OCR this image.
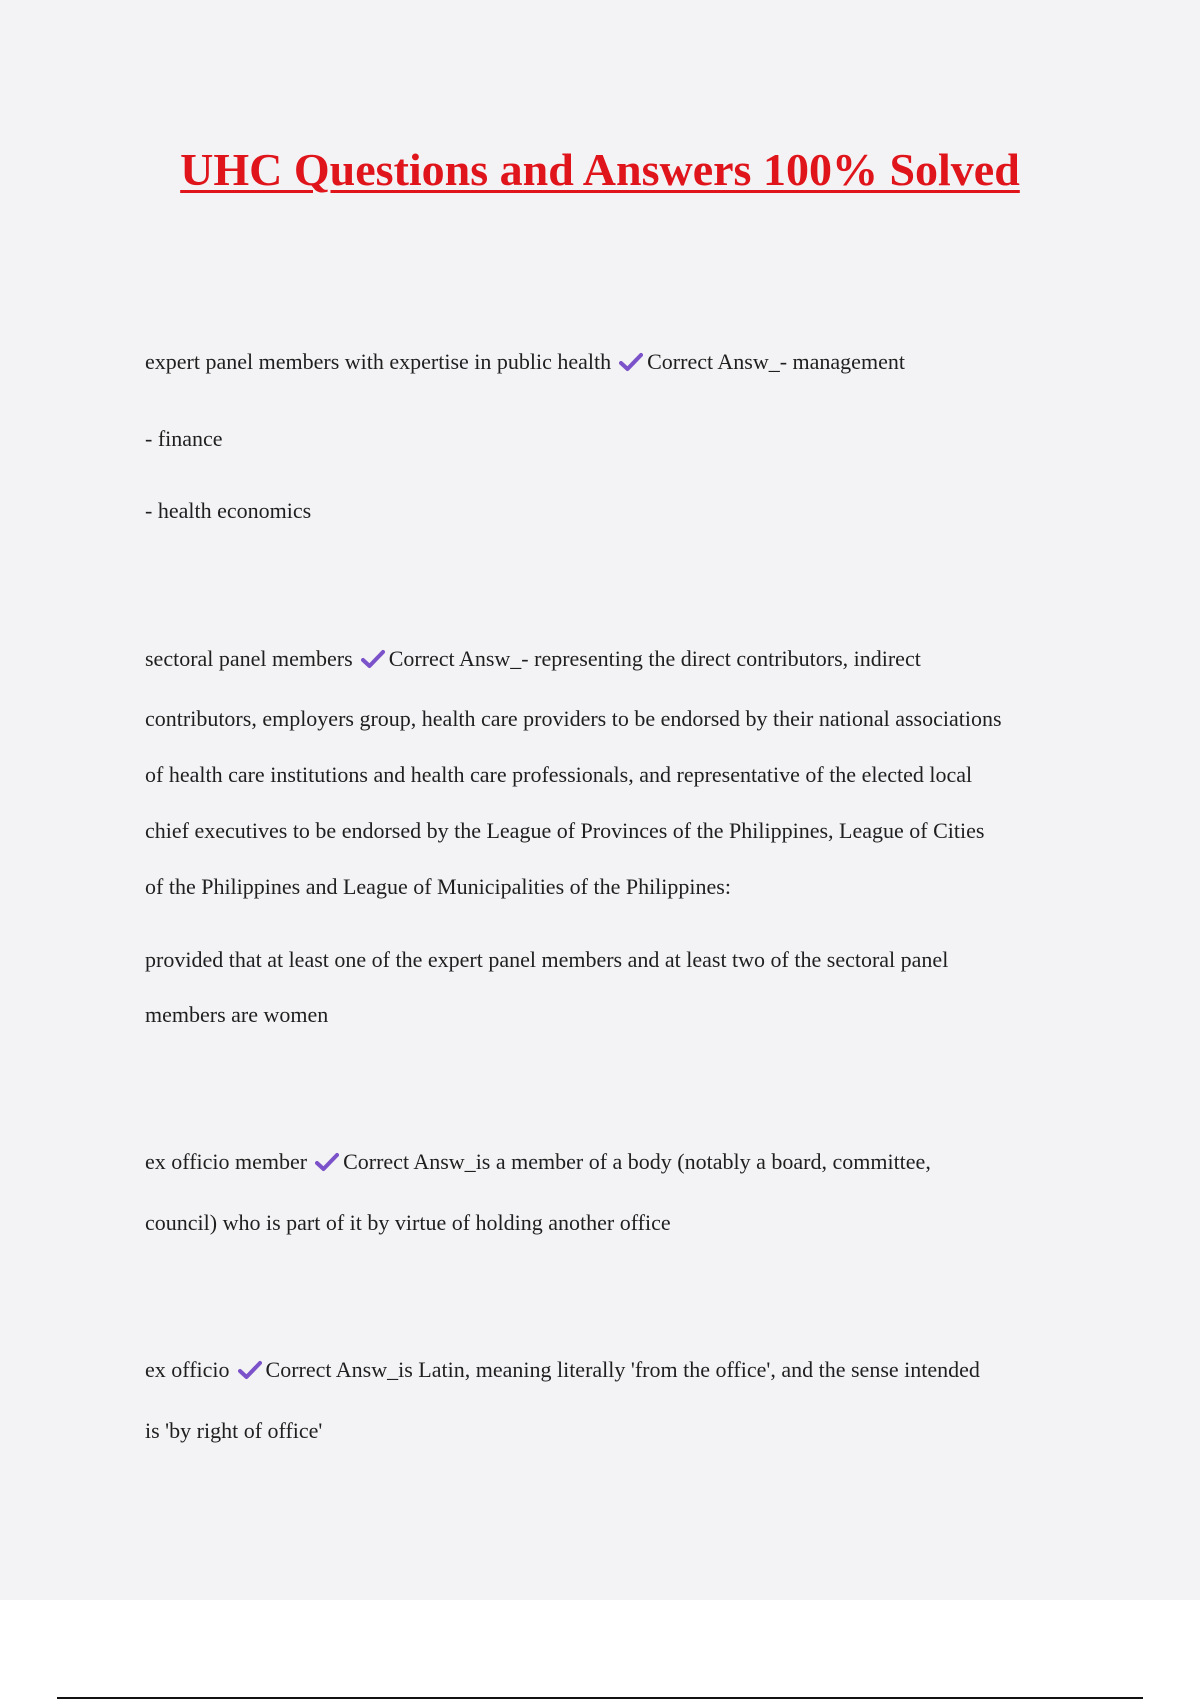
UHC Questions and Answers 100% Solved

expert panel members with expertise in public health Correct Answ_- management

- finance

- health economics

sectoral panel members Correct Answ_- representing the direct contributors, indirect

contributors, employers group, health care providers to be endorsed by their national associations

of health care institutions and health care professionals, and representative of the elected local

chief executives to be endorsed by the League of Provinces of the Philippines, League of Cities

of the Philippines and League of Municipalities of the Philippines:

provided that at least one of the expert panel members and at least two of the sectoral panel

members are women

ex officio member Correct Answ_is a member of a body (notably a board, committee,

council) who is part of it by virtue of holding another office

ex officio Correct Answ_is Latin, meaning literally 'from the office', and the sense intended

is 'by right of office'
